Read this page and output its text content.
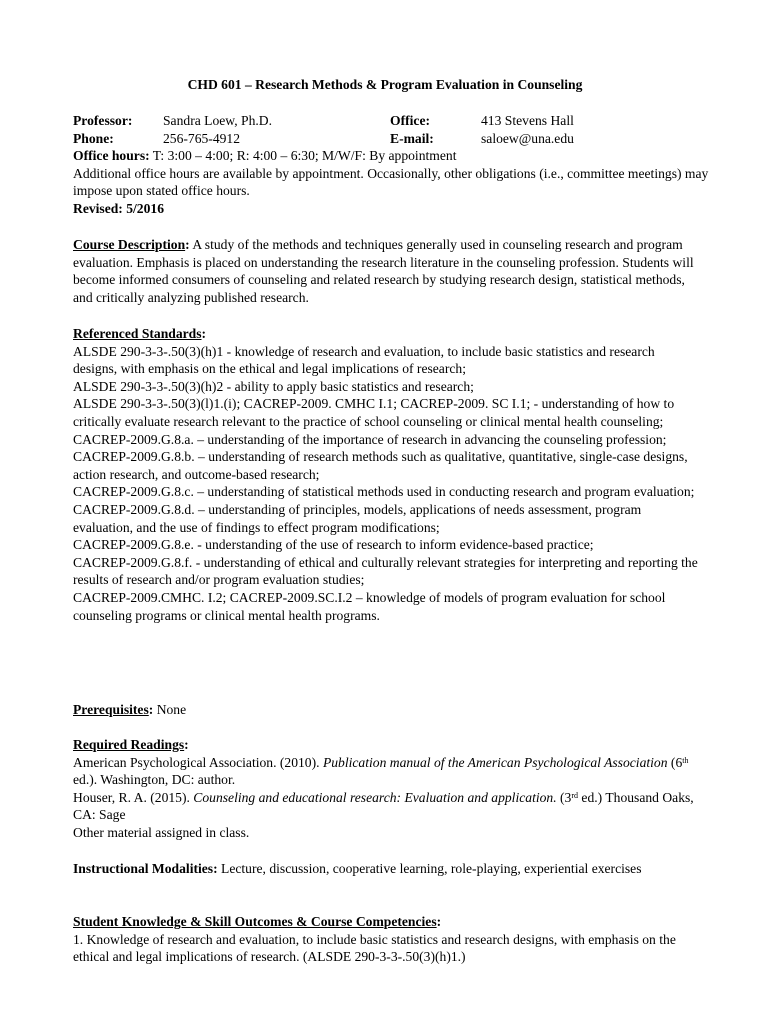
CHD 601 – Research Methods & Program Evaluation in Counseling
Professor: Sandra Loew, Ph.D.	Office:	413 Stevens Hall
Phone:	256-765-4912	E-mail:	saloew@una.edu
Office hours: T: 3:00 – 4:00; R: 4:00 – 6:30; M/W/F: By appointment
Additional office hours are available by appointment. Occasionally, other obligations (i.e., committee meetings) may impose upon stated office hours.
Revised: 5/2016
Course Description: A study of the methods and techniques generally used in counseling research and program evaluation. Emphasis is placed on understanding the research literature in the counseling profession. Students will become informed consumers of counseling and related research by studying research design, statistical methods, and critically analyzing published research.
Referenced Standards:
ALSDE 290-3-3-.50(3)(h)1 - knowledge of research and evaluation, to include basic statistics and research designs, with emphasis on the ethical and legal implications of research;
ALSDE 290-3-3-.50(3)(h)2 - ability to apply basic statistics and research;
ALSDE 290-3-3-.50(3)(l)1.(i); CACREP-2009. CMHC I.1; CACREP-2009. SC I.1; - understanding of how to critically evaluate research relevant to the practice of school counseling or clinical mental health counseling;
CACREP-2009.G.8.a. – understanding of the importance of research in advancing the counseling profession;
CACREP-2009.G.8.b. – understanding of research methods such as qualitative, quantitative, single-case designs, action research, and outcome-based research;
CACREP-2009.G.8.c. – understanding of statistical methods used in conducting research and program evaluation;
CACREP-2009.G.8.d. – understanding of principles, models, applications of needs assessment, program evaluation, and the use of findings to effect program modifications;
CACREP-2009.G.8.e. - understanding of the use of research to inform evidence-based practice;
CACREP-2009.G.8.f. - understanding of ethical and culturally relevant strategies for interpreting and reporting the results of research and/or program evaluation studies;
CACREP-2009.CMHC. I.2; CACREP-2009.SC.I.2 – knowledge of models of program evaluation for school counseling programs or clinical mental health programs.
Prerequisites: None
Required Readings:
American Psychological Association. (2010). Publication manual of the American Psychological Association (6th ed.). Washington, DC: author.
Houser, R. A. (2015). Counseling and educational research: Evaluation and application. (3rd ed.) Thousand Oaks, CA: Sage
Other material assigned in class.
Instructional Modalities: Lecture, discussion, cooperative learning, role-playing, experiential exercises
Student Knowledge & Skill Outcomes & Course Competencies:
1. Knowledge of research and evaluation, to include basic statistics and research designs, with emphasis on the ethical and legal implications of research. (ALSDE 290-3-3-.50(3)(h)1.)
